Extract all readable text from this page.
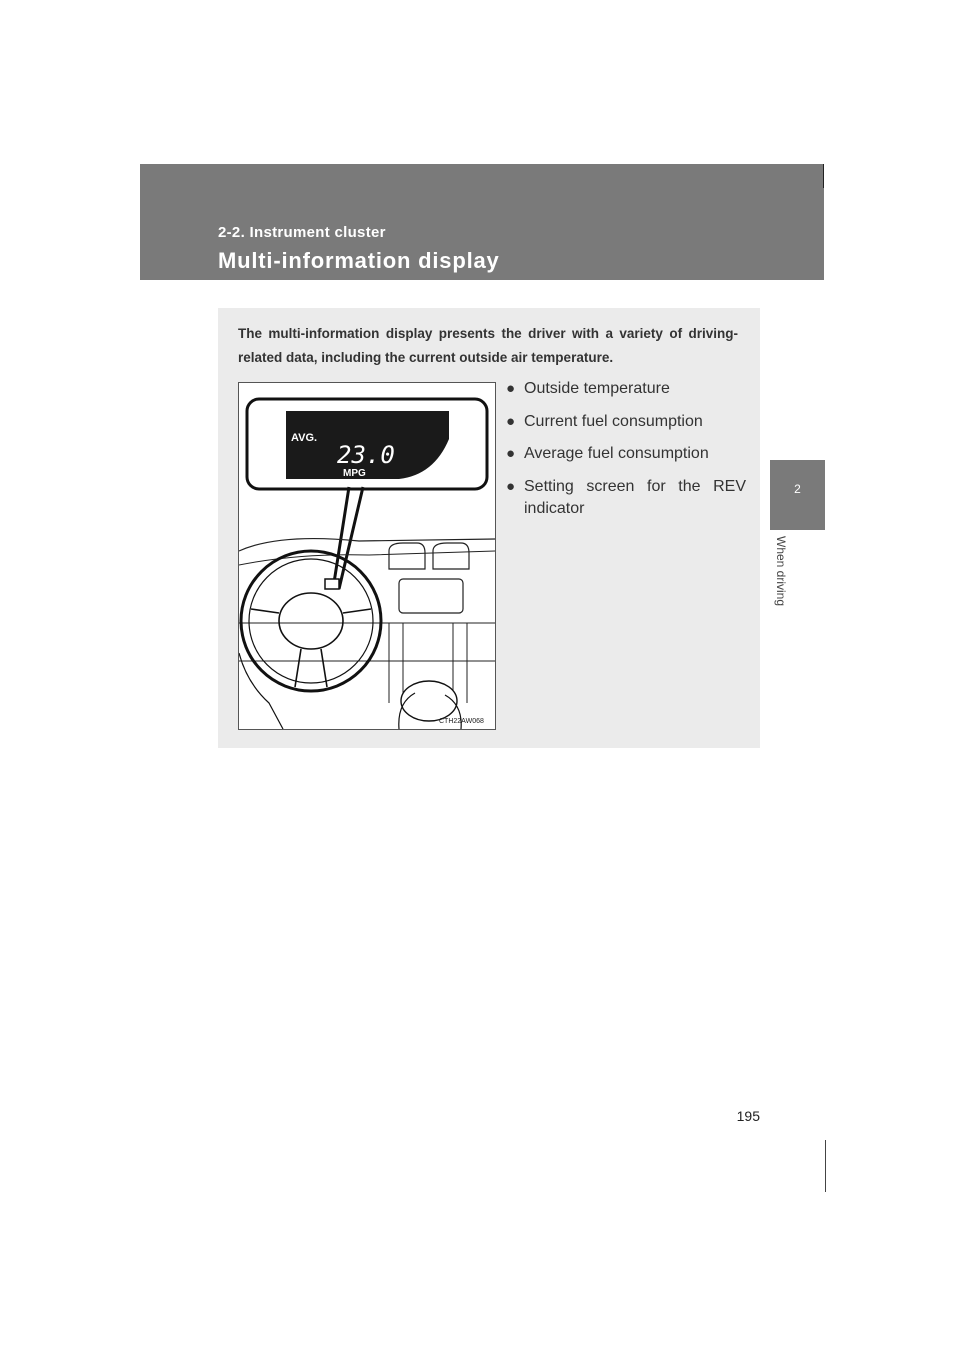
2-2. Instrument cluster
Multi-information display
2
When driving
The multi-information display presents the driver with a variety of driving-related data, including the current outside air temperature.
AVG.
23.0
MPG
CTH22AW068
● Outside temperature
● Current fuel consumption
● Average fuel consumption
● Setting screen for the REV indicator
195
